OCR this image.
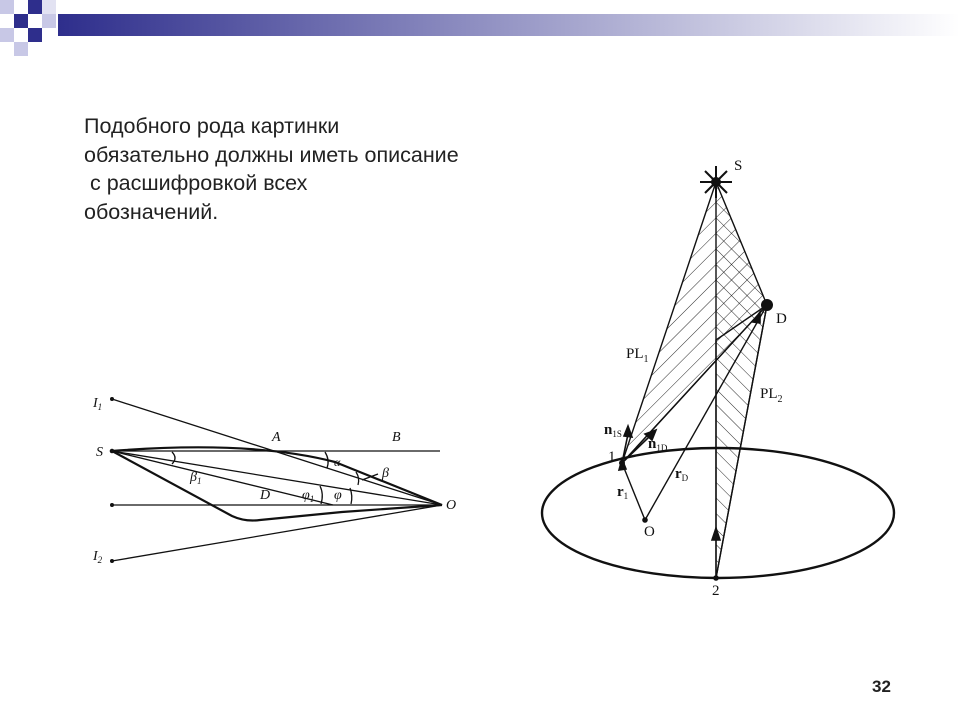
Подобного рода картинки
обязательно должны иметь описание
с расшифровкой всех
обозначений.
$I_1$
$I_2$
S
A	B
D
O
α
β
$\beta_1$
$\varphi_1$ φ
S
D
$PL_1$
$PL_2$
$n_{1S}$
$n_{1D}$
$r_D$
$r_1$
1
2
O
32
